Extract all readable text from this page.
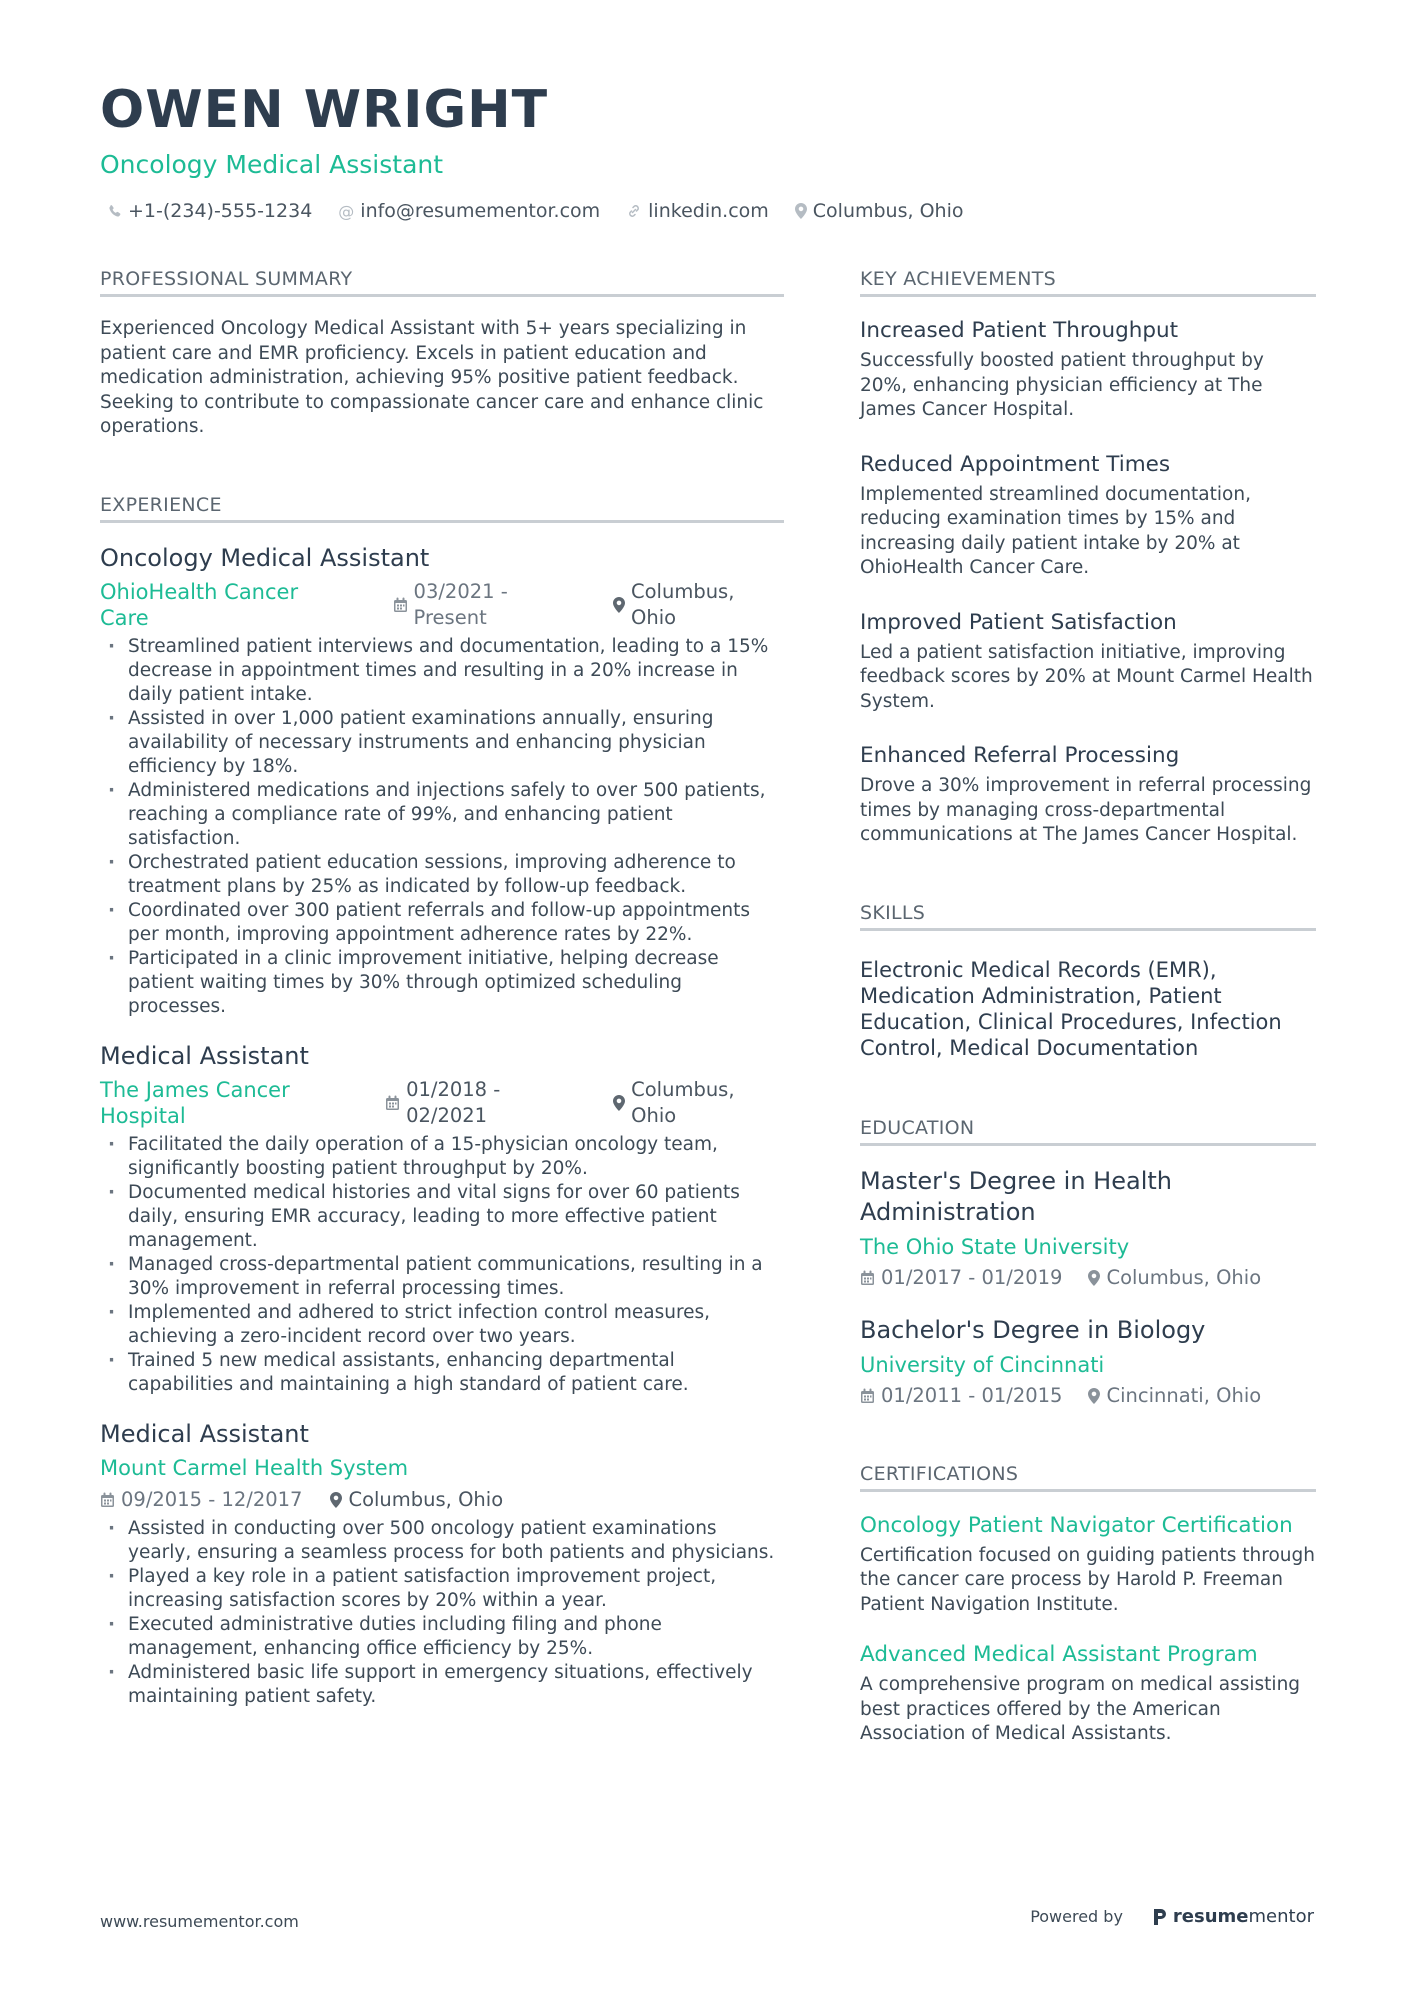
OWEN WRIGHT
Oncology Medical Assistant
+1-(234)-555-1234 @ info@resumementor.com	linkedin.com Columbus, Ohio
PROFESSIONAL SUMMARY
Experienced Oncology Medical Assistant with 5+ years specializing in patient care and EMR proficiency. Excels in patient education and medication administration, achieving 95% positive patient feedback. Seeking to contribute to compassionate cancer care and enhance clinic operations.
EXPERIENCE
Oncology Medical Assistant
OhioHealth Cancer Care
03/2021 - Present
Columbus, Ohio
· Streamlined patient interviews and documentation, leading to a 15% decrease in appointment times and resulting in a 20% increase in daily patient intake.
· Assisted in over 1,000 patient examinations annually, ensuring availability of necessary instruments and enhancing physician efficiency by 18%.
· Administered medications and injections safely to over 500 patients, reaching a compliance rate of 99%, and enhancing patient satisfaction.
· Orchestrated patient education sessions, improving adherence to treatment plans by 25% as indicated by follow-up feedback.
· Coordinated over 300 patient referrals and follow-up appointments per month, improving appointment adherence rates by 22%.
· Participated in a clinic improvement initiative, helping decrease patient waiting times by 30% through optimized scheduling processes.
Medical Assistant
The James Cancer Hospital
01/2018 - 02/2021
Columbus, Ohio
· Facilitated the daily operation of a 15-physician oncology team, significantly boosting patient throughput by 20%.
· Documented medical histories and vital signs for over 60 patients daily, ensuring EMR accuracy, leading to more effective patient management.
· Managed cross-departmental patient communications, resulting in a 30% improvement in referral processing times.
· Implemented and adhered to strict infection control measures, achieving a zero-incident record over two years.
· Trained 5 new medical assistants, enhancing departmental capabilities and maintaining a high standard of patient care.
Medical Assistant
Mount Carmel Health System
09/2015 - 12/2017 Columbus, Ohio
· Assisted in conducting over 500 oncology patient examinations yearly, ensuring a seamless process for both patients and physicians.
· Played a key role in a patient satisfaction improvement project, increasing satisfaction scores by 20% within a year.
· Executed administrative duties including filing and phone management, enhancing office efficiency by 25%.
· Administered basic life support in emergency situations, effectively maintaining patient safety.
KEY ACHIEVEMENTS
Increased Patient Throughput
Successfully boosted patient throughput by 20%, enhancing physician efficiency at The James Cancer Hospital.
Reduced Appointment Times
Implemented streamlined documentation, reducing examination times by 15% and increasing daily patient intake by 20% at OhioHealth Cancer Care.
Improved Patient Satisfaction
Led a patient satisfaction initiative, improving feedback scores by 20% at Mount Carmel Health System.
Enhanced Referral Processing
Drove a 30% improvement in referral processing times by managing cross-departmental communications at The James Cancer Hospital.
SKILLS
Electronic Medical Records (EMR), Medication Administration, Patient Education, Clinical Procedures, Infection Control, Medical Documentation
EDUCATION
Master's Degree in Health Administration
The Ohio State University
01/2017 - 01/2019 Columbus, Ohio
Bachelor's Degree in Biology
University of Cincinnati
01/2011 - 01/2015 Cincinnati, Ohio
CERTIFICATIONS
Oncology Patient Navigator Certification
Certification focused on guiding patients through the cancer care process by Harold P. Freeman Patient Navigation Institute.
Advanced Medical Assistant Program
A comprehensive program on medical assisting best practices offered by the American Association of Medical Assistants.
www.resumementor.com	Powered by	resume mentor
